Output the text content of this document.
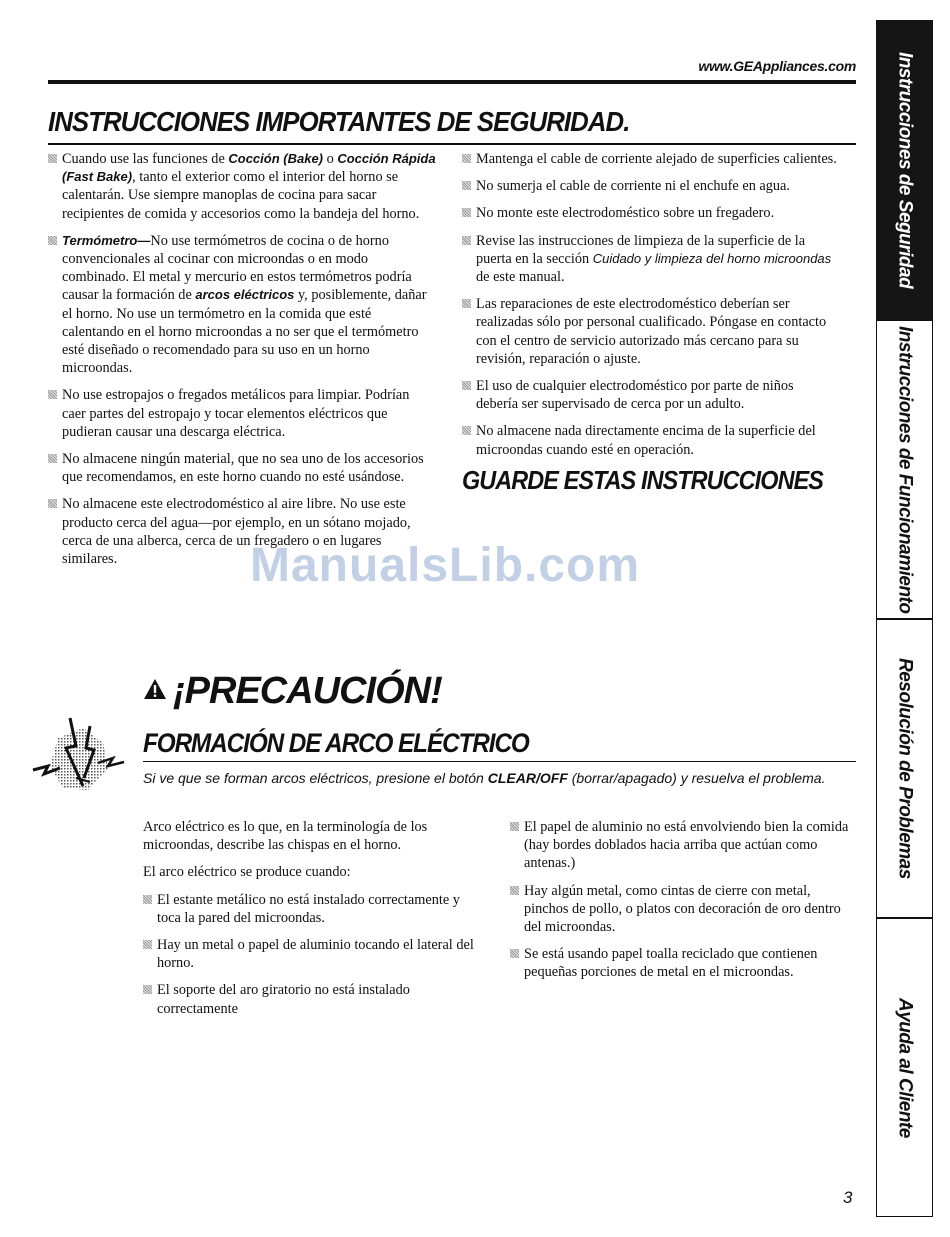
www.GEAppliances.com
INSTRUCCIONES IMPORTANTES DE SEGURIDAD.

Cuando use las funciones de Cocción (Bake) o Cocción Rápida (Fast Bake), tanto el exterior como el interior del horno se calentarán. Use siempre manoplas de cocina para sacar recipientes de comida y accesorios como la bandeja del horno.

Termómetro—No use termómetros de cocina o de horno convencionales al cocinar con microondas o en modo combinado. El metal y mercurio en estos termómetros podría causar la formación de arcos eléctricos y, posiblemente, dañar el horno. No use un termómetro en la comida que esté calentando en el horno microondas a no ser que el termómetro esté diseñado o recomendado para su uso en un horno microondas.

No use estropajos o fregados metálicos para limpiar. Podrían caer partes del estropajo y tocar elementos eléctricos que pudieran causar una descarga eléctrica.

No almacene ningún material, que no sea uno de los accesorios que recomendamos, en este horno cuando no esté usándose.

No almacene este electrodoméstico al aire libre. No use este producto cerca del agua—por ejemplo, en un sótano mojado, cerca de una alberca, cerca de un fregadero o en lugares similares.

Mantenga el cable de corriente alejado de superficies calientes.

No sumerja el cable de corriente ni el enchufe en agua.

No monte este electrodoméstico sobre un fregadero.

Revise las instrucciones de limpieza de la superficie de la puerta en la sección Cuidado y limpieza del horno microondas de este manual.

Las reparaciones de este electrodoméstico deberían ser realizadas sólo por personal cualificado. Póngase en contacto con el centro de servicio autorizado más cercano para su revisión, reparación o ajuste.

El uso de cualquier electrodoméstico por parte de niños debería ser supervisado de cerca por un adulto.

No almacene nada directamente encima de la superficie del microondas cuando esté en operación.

GUARDE ESTAS INSTRUCCIONES
ManualsLib.com
¡PRECAUCIÓN!
FORMACIÓN DE ARCO ELÉCTRICO

Si ve que se forman arcos eléctricos, presione el botón CLEAR/OFF (borrar/apagado) y resuelva el problema.

Arco eléctrico es lo que, en la terminología de los microondas, describe las chispas en el horno.

El arco eléctrico se produce cuando:

El estante metálico no está instalado correctamente y toca la pared del microondas.

Hay un metal o papel de aluminio tocando el lateral del horno.

El soporte del aro giratorio no está instalado correctamente

El papel de aluminio no está envolviendo bien la comida (hay bordes doblados hacia arriba que actúan como antenas.)

Hay algún metal, como cintas de cierre con metal, pinchos de pollo, o platos con decoración de oro dentro del microondas.

Se está usando papel toalla reciclado que contienen pequeñas porciones de metal en el microondas.

Instrucciones de Seguridad
Instrucciones de Funcionamiento
Resolución de Problemas
Ayuda al Cliente
3
